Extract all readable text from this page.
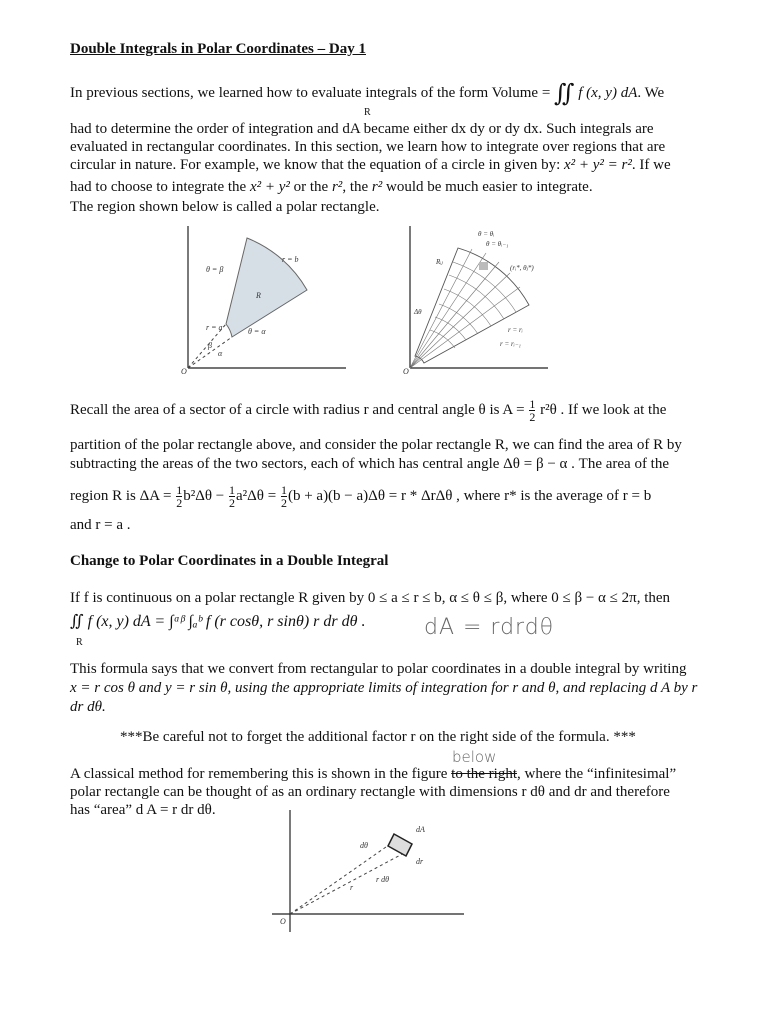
Double Integrals in Polar Coordinates – Day 1
In previous sections, we learned how to evaluate integrals of the form Volume = ∬ f (x, y) dA. We
R
had to determine the order of integration and dA became either dx dy or dy dx. Such integrals are
evaluated in rectangular coordinates. In this section, we learn how to integrate over regions that are
circular in nature. For example, we know that the equation of a circle in given by: x² + y² = r². If we
had to choose to integrate the x² + y² or the r², the r² would be much easier to integrate.
The region shown below is called a polar rectangle.
θ = β
r = b
R
r = a	θ = α
β
α
O
θ = θᵢ
θ = θᵢ₋₁
Rᵢⱼ
(rᵢ*, θⱼ*)
Δθ
r = rᵢ
r = rᵢ₋₁
O
Recall the area of a sector of a circle with radius r and central angle θ is $A = \frac{1}{2} r^2\theta$ . If we look at the
partition of the polar rectangle above, and consider the polar rectangle R, we can find the area of R by
subtracting the areas of the two sectors, each of which has central angle Δθ = β − α . The area of the
region R is $\Delta A = \frac{1}{2} b^2\Delta\theta - \frac{1}{2} a^2\Delta\theta = \frac{1}{2} (b + a)(b - a)\Delta\theta = r * \Delta r\Delta\theta$ , where r* is the average of r = b
and r = a .
Change to Polar Coordinates in a Double Integral
If f is continuous on a polar rectangle R given by 0 ≤ a ≤ r ≤ b, α ≤ θ ≤ β, where 0 ≤ β − α ≤ 2π, then
∬ f (x, y) dA = ∫ᵅᵝ ∫ₐᵇ f (r cosθ, r sinθ) r dr dθ .
R
dA = rdrdθ
This formula says that we convert from rectangular to polar coordinates in a double integral by writing
x = r cos θ and y = r sin θ, using the appropriate limits of integration for r and θ, and replacing d A by r
dr dθ.
***Be careful not to forget the additional factor r on the right side of the formula. ***
below
A classical method for remembering this is shown in the figure to the right, where the “infinitesimal”
polar rectangle can be thought of as an ordinary rectangle with dimensions r dθ and dr and therefore
has “area” d A = r dr dθ.
dA
dθ
dr
r dθ
r
O
